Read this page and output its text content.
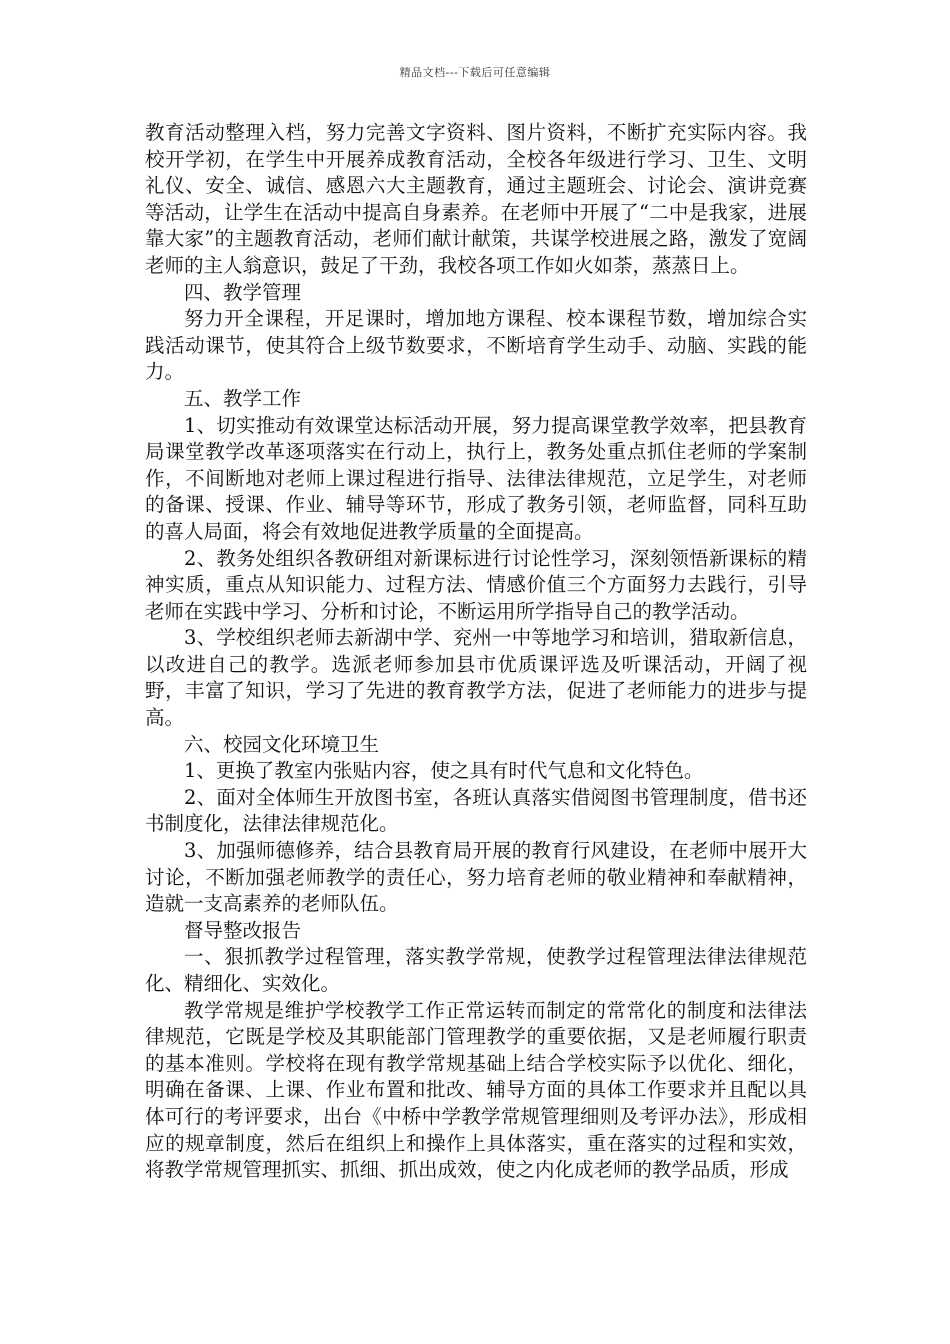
精品文档---下载后可任意编辑

教育活动整理入档，努力完善文字资料、图片资料，不断扩充实际内容。我校开学初，在学生中开展养成教育活动，全校各年级进行学习、卫生、文明礼仪、安全、诚信、感恩六大主题教育，通过主题班会、讨论会、演讲竞赛等活动，让学生在活动中提高自身素养。在老师中开展了“二中是我家，进展靠大家”的主题教育活动，老师们献计献策，共谋学校进展之路，激发了宽阔老师的主人翁意识，鼓足了干劲，我校各项工作如火如荼，蒸蒸日上。

四、教学管理

努力开全课程，开足课时，增加地方课程、校本课程节数，增加综合实践活动课节，使其符合上级节数要求，不断培育学生动手、动脑、实践的能力。

五、教学工作

1、切实推动有效课堂达标活动开展，努力提高课堂教学效率，把县教育局课堂教学改革逐项落实在行动上，执行上，教务处重点抓住老师的学案制作，不间断地对老师上课过程进行指导、法律法律规范，立足学生，对老师的备课、授课、作业、辅导等环节，形成了教务引领，老师监督，同科互助的喜人局面，将会有效地促进教学质量的全面提高。

2、教务处组织各教研组对新课标进行讨论性学习，深刻领悟新课标的精神实质，重点从知识能力、过程方法、情感价值三个方面努力去践行，引导老师在实践中学习、分析和讨论，不断运用所学指导自己的教学活动。

3、学校组织老师去新湖中学、兖州一中等地学习和培训，猎取新信息，以改进自己的教学。选派老师参加县市优质课评选及听课活动，开阔了视野，丰富了知识，学习了先进的教育教学方法，促进了老师能力的进步与提高。

六、校园文化环境卫生

1、更换了教室内张贴内容，使之具有时代气息和文化特色。

2、面对全体师生开放图书室，各班认真落实借阅图书管理制度，借书还书制度化，法律法律规范化。

3、加强师德修养，结合县教育局开展的教育行风建设，在老师中展开大讨论，不断加强老师教学的责任心，努力培育老师的敬业精神和奉献精神，造就一支高素养的老师队伍。

督导整改报告

一、狠抓教学过程管理，落实教学常规，使教学过程管理法律法律规范化、精细化、实效化。

教学常规是维护学校教学工作正常运转而制定的常常化的制度和法律法律规范，它既是学校及其职能部门管理教学的重要依据，又是老师履行职责的基本准则。学校将在现有教学常规基础上结合学校实际予以优化、细化，明确在备课、上课、作业布置和批改、辅导方面的具体工作要求并且配以具体可行的考评要求，出台《中桥中学教学常规管理细则及考评办法》，形成相应的规章制度，然后在组织上和操作上具体落实，重在落实的过程和实效，将教学常规管理抓实、抓细、抓出成效，使之内化成老师的教学品质，形成
